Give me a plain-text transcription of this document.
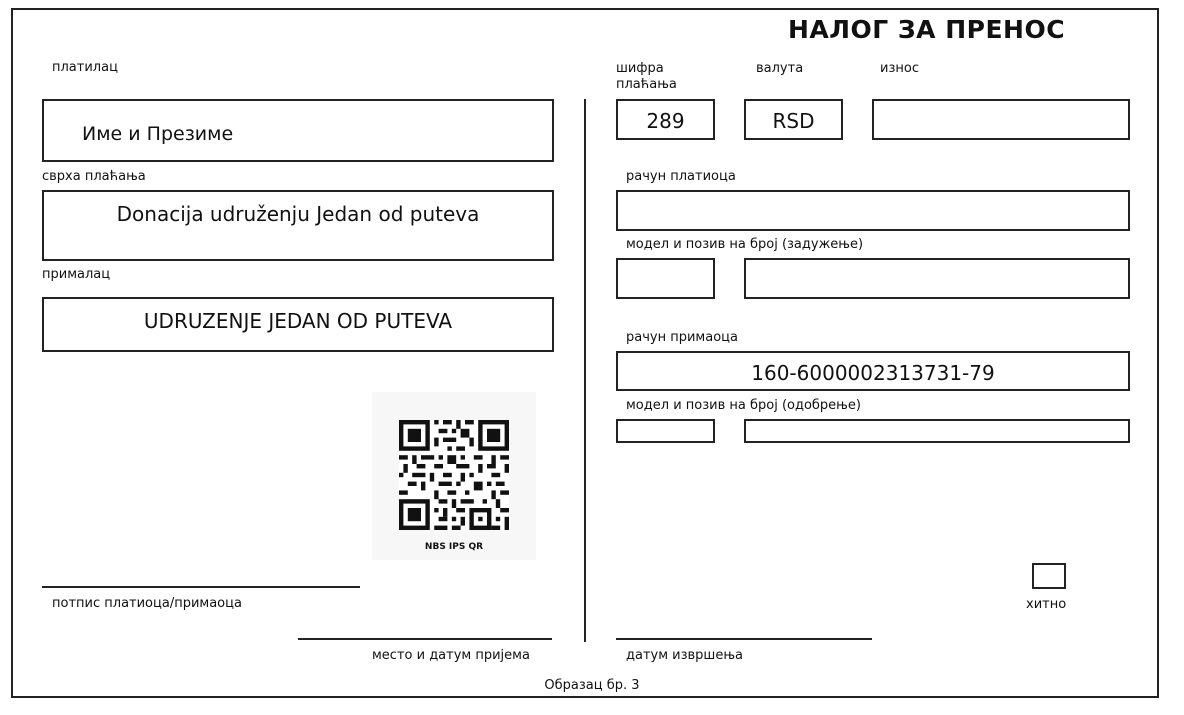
НАЛОГ ЗА ПРЕНОС
платилац
Име и Презиме
сврха плаћања
Donacija udruženju Jedan od puteva
прималац
UDRUZENJE JEDAN OD PUTEVA
NBS IPS QR
потпис платиоца/примаоца
место и датум пријема
шифра плаћања
валута	износ
289	RSD
рачун платиоца
модел и позив на број (задужење)
рачун примаоца
160-6000002313731-79
модел и позив на број (одобрење)
хитно
датум извршења
Образац бр. 3
